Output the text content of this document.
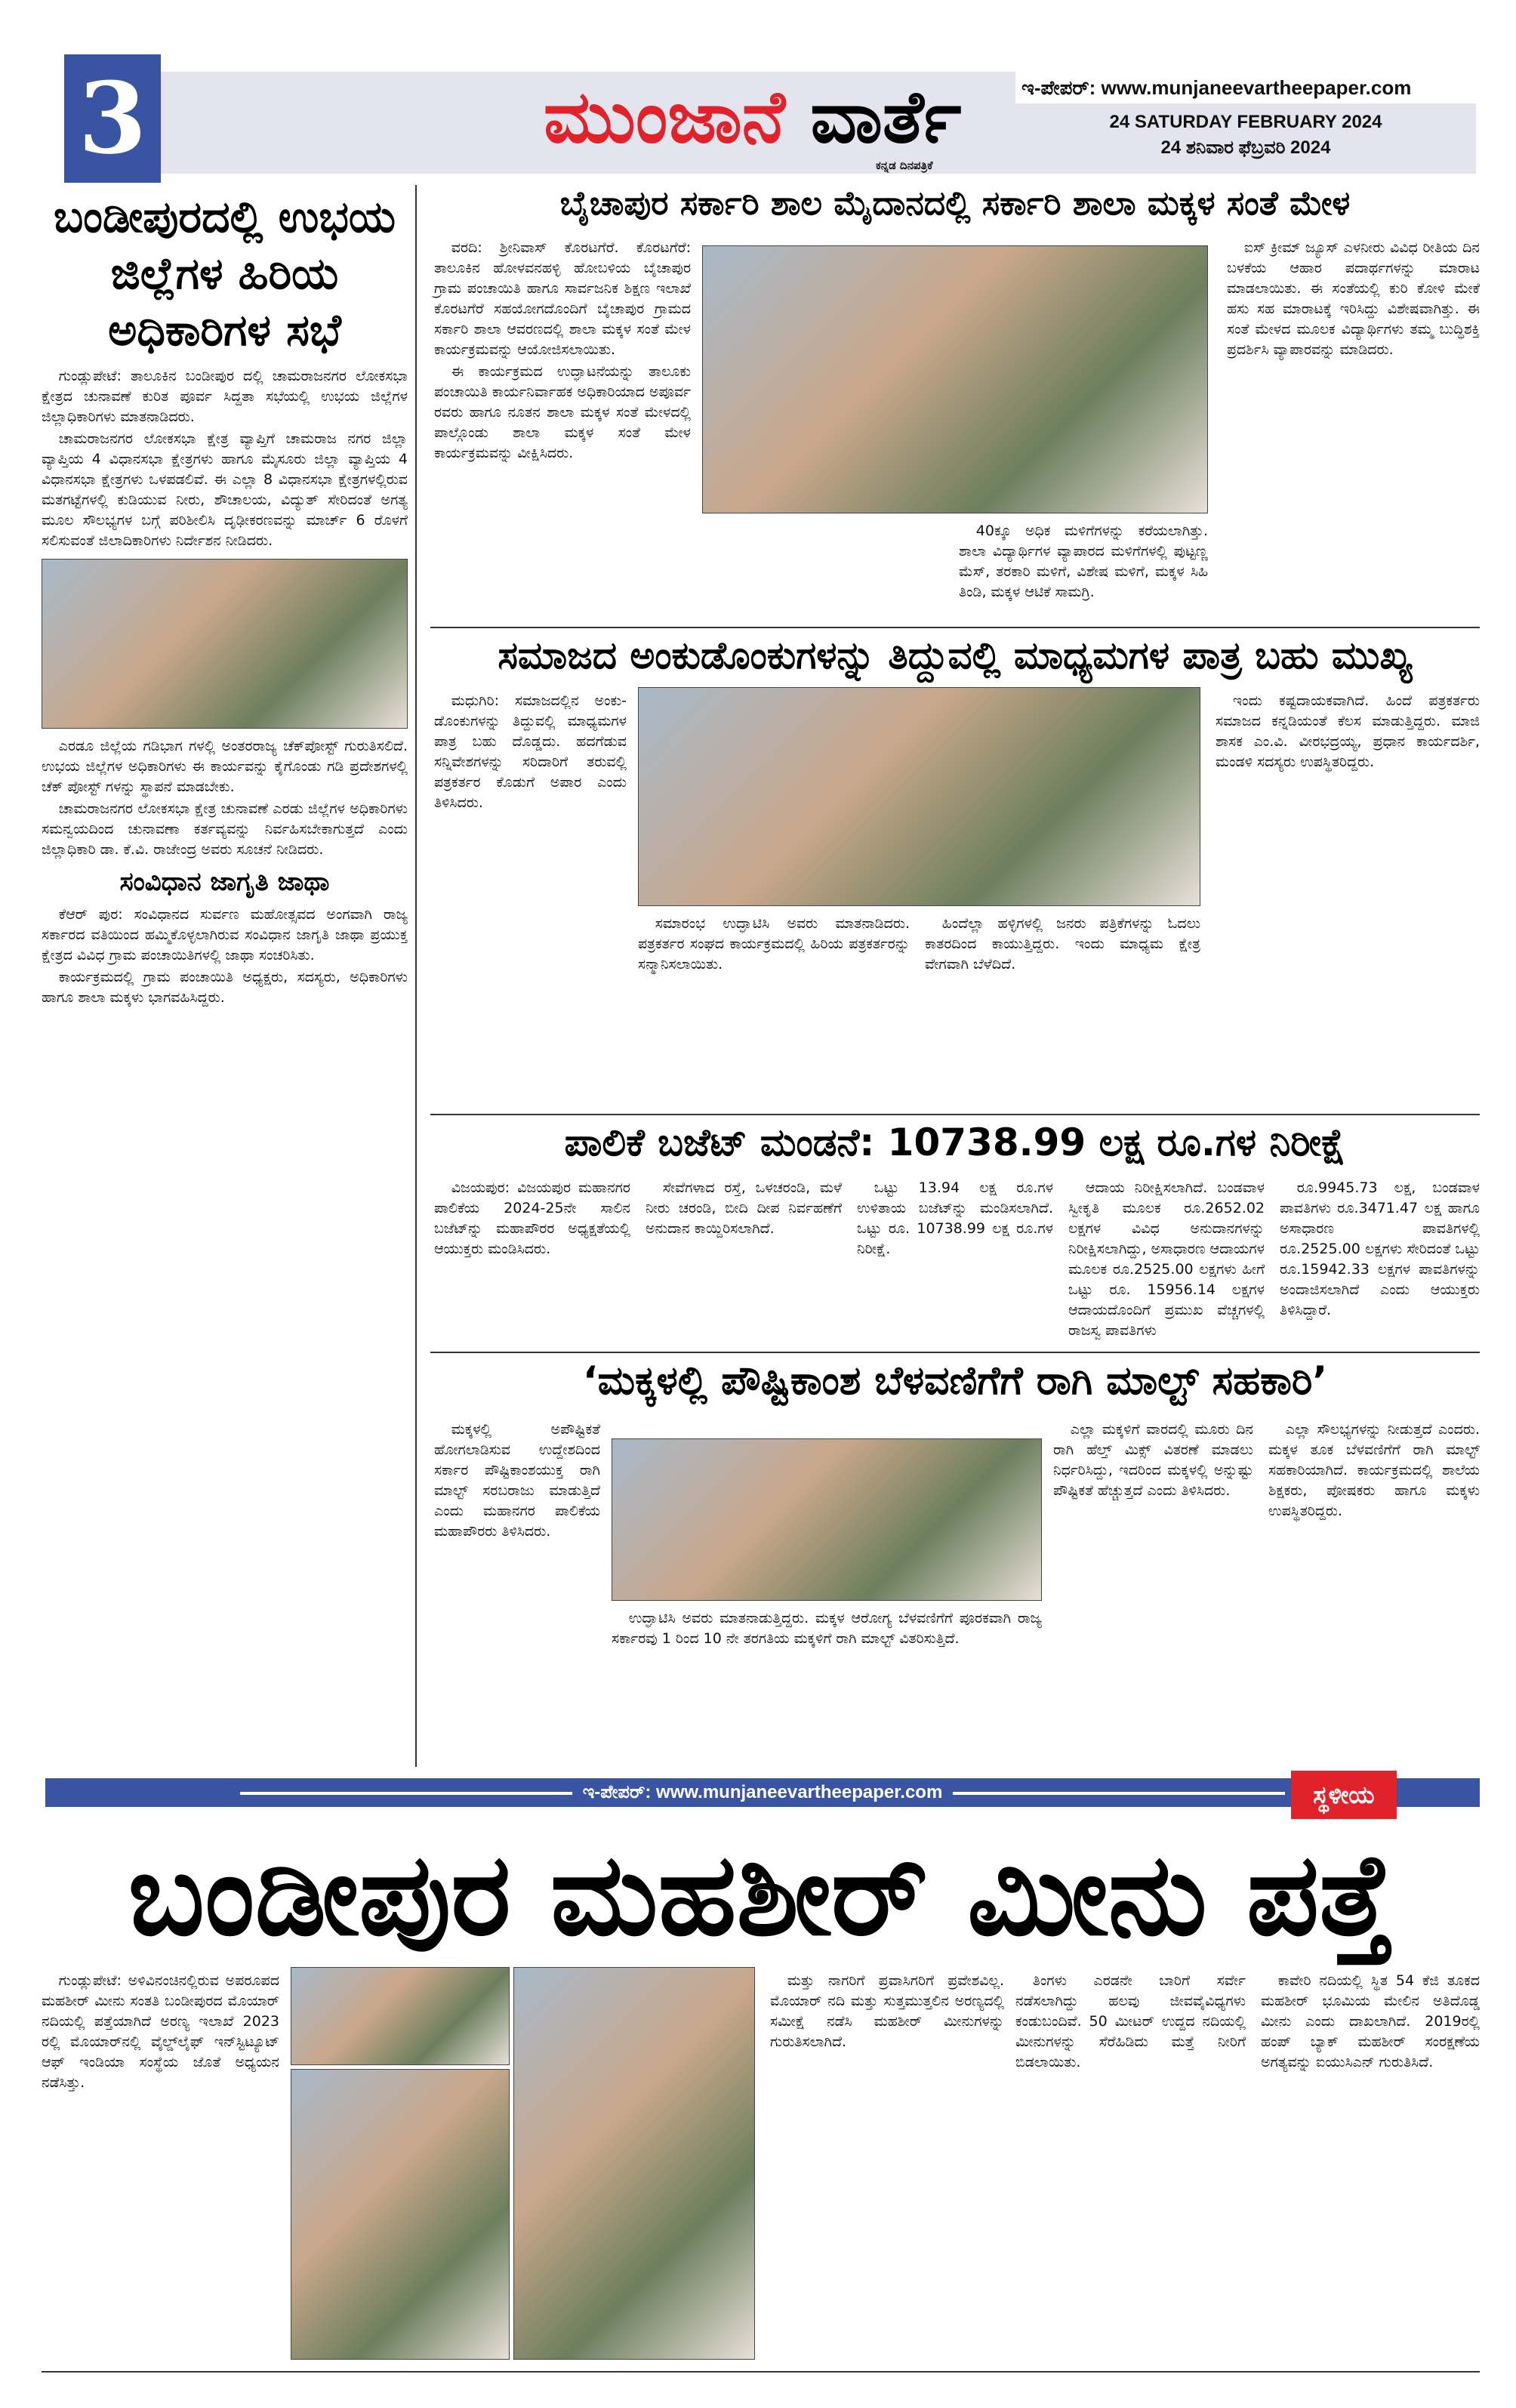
3	ಮುಂಜಾನೆ ವಾರ್ತೆ
ಕನ್ನಡ ದಿನಪತ್ರಿಕೆ
ಇ-ಪೇಪರ್: www.munjaneevartheepaper.com
24 SATURDAY FEBRUARY 2024
24 ಶನಿವಾರ ಫೆಬ್ರವರಿ 2024
ಬಂಡೀಪುರದಲ್ಲಿ ಉಭಯ ಜಿಲ್ಲೆಗಳ ಹಿರಿಯ ಅಧಿಕಾರಿಗಳ ಸಭೆ

ಗುಂಡ್ಲುಪೇಟೆ: ತಾಲೂಕಿನ ಬಂಡೀಪುರ ದಲ್ಲಿ ಚಾಮರಾಜನಗರ ಲೋಕಸಭಾ ಕ್ಷೇತ್ರದ ಚುನಾವಣೆ ಕುರಿತ ಪೂರ್ವ ಸಿದ್ದತಾ ಸಭೆಯಲ್ಲಿ ಉಭಯ ಜಿಲ್ಲೆಗಳ ಜಿಲ್ಲಾಧಿಕಾರಿಗಳು ಮಾತನಾಡಿದರು.

ಚಾಮರಾಜನಗರ ಲೋಕಸಭಾ ಕ್ಷೇತ್ರ ವ್ಯಾಪ್ತಿಗೆ ಚಾಮರಾಜ ನಗರ ಜಿಲ್ಲಾ ವ್ಯಾಪ್ತಿಯ 4 ವಿಧಾನಸಭಾ ಕ್ಷೇತ್ರಗಳು ಹಾಗೂ ಮೈಸೂರು ಜಿಲ್ಲಾ ವ್ಯಾಪ್ತಿಯ 4 ವಿಧಾನಸಭಾ ಕ್ಷೇತ್ರಗಳು ಒಳಪಡಲಿವೆ. ಈ ಎಲ್ಲಾ 8 ವಿಧಾನಸಭಾ ಕ್ಷೇತ್ರಗಳಲ್ಲಿರುವ ಮತಗಟ್ಟೆಗಳಲ್ಲಿ ಕುಡಿಯುವ ನೀರು, ಶೌಚಾಲಯ, ವಿದ್ಯುತ್ ಸೇರಿದಂತೆ ಅಗತ್ಯ ಮೂಲ ಸೌಲಭ್ಯಗಳ ಬಗ್ಗೆ ಪರಿಶೀಲಿಸಿ ದೃಢೀಕರಣವನ್ನು ಮಾರ್ಚ್ 6 ರೊಳಗೆ ಸಲಿಸುವಂತೆ ಜಿಲಾದಿಕಾರಿಗಳು ನಿರ್ದೇಶನ ನೀಡಿದರು.

ಎರಡೂ ಜಿಲ್ಲೆಯ ಗಡಿಭಾಗ ಗಳಲ್ಲಿ ಅಂತರರಾಜ್ಯ ಚೆಕ್‌ಪೋಸ್ಟ್ ಗುರುತಿಸಲಿದೆ. ಉಭಯ ಜಿಲ್ಲೆಗಳ ಅಧಿಕಾರಿಗಳು ಈ ಕಾರ್ಯವನ್ನು ಕೈಗೊಂಡು ಗಡಿ ಪ್ರದೇಶಗಳಲ್ಲಿ ಚೆಕ್ ಪೋಸ್ಟ್ ಗಳನ್ನು ಸ್ಥಾಪನೆ ಮಾಡಬೇಕು.

ಚಾಮರಾಜನಗರ ಲೋಕಸಭಾ ಕ್ಷೇತ್ರ ಚುನಾವಣೆ ಎರಡು ಜಿಲ್ಲೆಗಳ ಅಧಿಕಾರಿಗಳು ಸಮನ್ವಯದಿಂದ ಚುನಾವಣಾ ಕರ್ತವ್ಯವನ್ನು ನಿರ್ವಹಿಸಬೇಕಾಗುತ್ತದೆ ಎಂದು ಜಿಲ್ಲಾಧಿಕಾರಿ ಡಾ. ಕೆ.ವಿ. ರಾಜೇಂದ್ರ ಅವರು ಸೂಚನೆ ನೀಡಿದರು.

ಸಂವಿಧಾನ ಜಾಗೃತಿ ಜಾಥಾ

ಕೆಆರ್ ಪುರ: ಸಂವಿಧಾನದ ಸುರ್ವಣ ಮಹೋತ್ಸವದ ಅಂಗವಾಗಿ ರಾಜ್ಯ ಸರ್ಕಾರದ ವತಿಯಿಂದ ಹಮ್ಮಿಕೊಳ್ಳಲಾಗಿರುವ ಸಂವಿಧಾನ ಜಾಗೃತಿ ಜಾಥಾ ಪ್ರಯುಕ್ತ ಕ್ಷೇತ್ರದ ವಿವಿಧ ಗ್ರಾಮ ಪಂಚಾಯಿತಿಗಳಲ್ಲಿ ಜಾಥಾ ಸಂಚರಿಸಿತು.

ಕಾರ್ಯಕ್ರಮದಲ್ಲಿ ಗ್ರಾಮ ಪಂಚಾಯಿತಿ ಅಧ್ಯಕ್ಷರು, ಸದಸ್ಯರು, ಅಧಿಕಾರಿಗಳು ಹಾಗೂ ಶಾಲಾ ಮಕ್ಕಳು ಭಾಗವಹಿಸಿದ್ದರು.

ಬೈಚಾಪುರ ಸರ್ಕಾರಿ ಶಾಲ ಮೈದಾನದಲ್ಲಿ ಸರ್ಕಾರಿ ಶಾಲಾ ಮಕ್ಕಳ ಸಂತೆ ಮೇಳ

ವರದಿ: ಶ್ರೀನಿವಾಸ್ ಕೊರಟಗೆರೆ. ಕೊರಟಗೆರೆ: ತಾಲೂಕಿನ ಹೋಳವನಹಳ್ಳಿ ಹೋಬಳಿಯ ಬೈಚಾಪುರ ಗ್ರಾಮ ಪಂಚಾಯಿತಿ ಹಾಗೂ ಸಾರ್ವಜನಿಕ ಶಿಕ್ಷಣ ಇಲಾಖೆ ಕೊರಟಗೆರೆ ಸಹಯೋಗದೊಂದಿಗೆ ಬೈಚಾಪುರ ಗ್ರಾಮದ ಸರ್ಕಾರಿ ಶಾಲಾ ಆವರಣದಲ್ಲಿ ಶಾಲಾ ಮಕ್ಕಳ ಸಂತೆ ಮೇಳ ಕಾರ್ಯಕ್ರಮವನ್ನು ಆಯೋಜಿಸಲಾಯಿತು.

ಈ ಕಾರ್ಯಕ್ರಮದ ಉದ್ಘಾಟನೆಯನ್ನು ತಾಲೂಕು ಪಂಚಾಯಿತಿ ಕಾರ್ಯನಿರ್ವಾಹಕ ಅಧಿಕಾರಿಯಾದ ಅಪೂರ್ವ ರವರು ಹಾಗೂ ನೂತನ ಶಾಲಾ ಮಕ್ಕಳ ಸಂತೆ ಮೇಳದಲ್ಲಿ ಪಾಲ್ಗೊಂಡು ಶಾಲಾ ಮಕ್ಕಳ ಸಂತೆ ಮೇಳ ಕಾರ್ಯಕ್ರಮವನ್ನು ವೀಕ್ಷಿಸಿದರು.

40ಕ್ಕೂ ಅಧಿಕ ಮಳಿಗೆಗಳನ್ನು ಕರೆಯಲಾಗಿತ್ತು. ಶಾಲಾ ವಿದ್ಯಾರ್ಥಿಗಳ ವ್ಯಾಪಾರದ ಮಳಿಗೆಗಳಲ್ಲಿ ಪುಟ್ಟಣ್ಣ ಮೆಸ್, ತರಕಾರಿ ಮಳಿಗೆ, ವಿಶೇಷ ಮಳಿಗೆ, ಮಕ್ಕಳ ಸಿಹಿ ತಿಂಡಿ, ಮಕ್ಕಳ ಆಟಿಕೆ ಸಾಮಗ್ರಿ.

ಐಸ್ ಕ್ರೀಮ್ ಜ್ಯೂಸ್ ಎಳನೀರು ವಿವಿಧ ರೀತಿಯ ದಿನ ಬಳಕೆಯ ಆಹಾರ ಪದಾರ್ಥಗಳನ್ನು ಮಾರಾಟ ಮಾಡಲಾಯಿತು. ಈ ಸಂತೆಯಲ್ಲಿ ಕುರಿ ಕೋಳಿ ಮೇಕೆ ಹಸು ಸಹ ಮಾರಾಟಕ್ಕೆ ಇರಿಸಿದ್ದು ವಿಶೇಷವಾಗಿತ್ತು. ಈ ಸಂತೆ ಮೇಳದ ಮೂಲಕ ವಿದ್ಯಾರ್ಥಿಗಳು ತಮ್ಮ ಬುದ್ಧಿಶಕ್ತಿ ಪ್ರದರ್ಶಿಸಿ ವ್ಯಾಪಾರವನ್ನು ಮಾಡಿದರು.

ಸಮಾಜದ ಅಂಕುಡೊಂಕುಗಳನ್ನು ತಿದ್ದುವಲ್ಲಿ ಮಾಧ್ಯಮಗಳ ಪಾತ್ರ ಬಹು ಮುಖ್ಯ

ಮಧುಗಿರಿ: ಸಮಾಜದಲ್ಲಿನ ಅಂಕು-ಡೊಂಕುಗಳನ್ನು ತಿದ್ದುವಲ್ಲಿ ಮಾಧ್ಯಮಗಳ ಪಾತ್ರ ಬಹು ದೊಡ್ಡದು. ಹದಗೆಡುವ ಸನ್ನಿವೇಶಗಳನ್ನು ಸರಿದಾರಿಗೆ ತರುವಲ್ಲಿ ಪತ್ರಕರ್ತರ ಕೊಡುಗೆ ಅಪಾರ ಎಂದು ತಿಳಿಸಿದರು.

ಸಮಾರಂಭ ಉದ್ಘಾಟಿಸಿ ಅವರು ಮಾತನಾಡಿದರು. ಪತ್ರಕರ್ತರ ಸಂಘದ ಕಾರ್ಯಕ್ರಮದಲ್ಲಿ ಹಿರಿಯ ಪತ್ರಕರ್ತರನ್ನು ಸನ್ಮಾನಿಸಲಾಯಿತು.

ಹಿಂದೆಲ್ಲಾ ಹಳ್ಳಿಗಳಲ್ಲಿ ಜನರು ಪತ್ರಿಕೆಗಳನ್ನು ಓದಲು ಕಾತರದಿಂದ ಕಾಯುತ್ತಿದ್ದರು. ಇಂದು ಮಾಧ್ಯಮ ಕ್ಷೇತ್ರ ವೇಗವಾಗಿ ಬೆಳೆದಿದೆ.

ಇಂದು ಕಷ್ಟದಾಯಕವಾಗಿದೆ. ಹಿಂದೆ ಪತ್ರಕರ್ತರು ಸಮಾಜದ ಕನ್ನಡಿಯಂತೆ ಕೆಲಸ ಮಾಡುತ್ತಿದ್ದರು. ಮಾಜಿ ಶಾಸಕ ಎಂ.ವಿ. ವೀರಭದ್ರಯ್ಯ, ಪ್ರಧಾನ ಕಾರ್ಯದರ್ಶಿ, ಮಂಡಳಿ ಸದಸ್ಯರು ಉಪಸ್ಥಿತರಿದ್ದರು.

ಪಾಲಿಕೆ ಬಜೆಟ್ ಮಂಡನೆ: 10738.99 ಲಕ್ಷ ರೂ.ಗಳ ನಿರೀಕ್ಷೆ

ವಿಜಯಪುರ: ವಿಜಯಪುರ ಮಹಾನಗರ ಪಾಲಿಕೆಯ 2024-25ನೇ ಸಾಲಿನ ಬಜೆಟ್‌ನ್ನು ಮಹಾಪೌರರ ಅಧ್ಯಕ್ಷತೆಯಲ್ಲಿ ಆಯುಕ್ತರು ಮಂಡಿಸಿದರು.

ಸೇವೆಗಳಾದ ರಸ್ತೆ, ಒಳಚರಂಡಿ, ಮಳೆ ನೀರು ಚರಂಡಿ, ಬೀದಿ ದೀಪ ನಿರ್ವಹಣೆಗೆ ಅನುದಾನ ಕಾಯ್ದಿರಿಸಲಾಗಿದೆ.

ಒಟ್ಟು 13.94 ಲಕ್ಷ ರೂ.ಗಳ ಉಳಿತಾಯ ಬಜೆಟ್‌ನ್ನು ಮಂಡಿಸಲಾಗಿದೆ. ಒಟ್ಟು ರೂ. 10738.99 ಲಕ್ಷ ರೂ.ಗಳ ನಿರೀಕ್ಷೆ.

ಆದಾಯ ನಿರೀಕ್ಷಿಸಲಾಗಿದೆ. ಬಂಡವಾಳ ಸ್ವೀಕೃತಿ ಮೂಲಕ ರೂ.2652.02 ಲಕ್ಷಗಳ ವಿವಿಧ ಅನುದಾನಗಳನ್ನು ನಿರೀಕ್ಷಿಸಲಾಗಿದ್ದು, ಅಸಾಧಾರಣ ಆದಾಯಗಳ ಮೂಲಕ ರೂ.2525.00 ಲಕ್ಷಗಳು ಹೀಗೆ ಒಟ್ಟು ರೂ. 15956.14 ಲಕ್ಷಗಳ ಆದಾಯದೊಂದಿಗೆ ಪ್ರಮುಖ ವೆಚ್ಚಗಳಲ್ಲಿ ರಾಜಸ್ವ ಪಾವತಿಗಳು

ರೂ.9945.73 ಲಕ್ಷ, ಬಂಡವಾಳ ಪಾವತಿಗಳು ರೂ.3471.47 ಲಕ್ಷ ಹಾಗೂ ಅಸಾಧಾರಣ ಪಾವತಿಗಳಲ್ಲಿ ರೂ.2525.00 ಲಕ್ಷಗಳು ಸೇರಿದಂತೆ ಒಟ್ಟು ರೂ.15942.33 ಲಕ್ಷಗಳ ಪಾವತಿಗಳನ್ನು ಅಂದಾಜಿಸಲಾಗಿದೆ ಎಂದು ಆಯುಕ್ತರು ತಿಳಿಸಿದ್ದಾರೆ.

‘ಮಕ್ಕಳಲ್ಲಿ ಪೌಷ್ಟಿಕಾಂಶ ಬೆಳವಣಿಗೆಗೆ ರಾಗಿ ಮಾಲ್ಟ್ ಸಹಕಾರಿ’

ಮಕ್ಕಳಲ್ಲಿ ಅಪೌಷ್ಟಿಕತೆ ಹೋಗಲಾಡಿಸುವ ಉದ್ದೇಶದಿಂದ ಸರ್ಕಾರ ಪೌಷ್ಟಿಕಾಂಶಯುಕ್ತ ರಾಗಿ ಮಾಲ್ಟ್ ಸರಬರಾಜು ಮಾಡುತ್ತಿದೆ ಎಂದು ಮಹಾನಗರ ಪಾಲಿಕೆಯ ಮಹಾಪೌರರು ತಿಳಿಸಿದರು.

ಉದ್ಘಾಟಿಸಿ ಅವರು ಮಾತನಾಡುತ್ತಿದ್ದರು. ಮಕ್ಕಳ ಆರೋಗ್ಯ ಬೆಳವಣಿಗೆಗೆ ಪೂರಕವಾಗಿ ರಾಜ್ಯ ಸರ್ಕಾರವು 1 ರಿಂದ 10 ನೇ ತರಗತಿಯ ಮಕ್ಕಳಿಗೆ ರಾಗಿ ಮಾಲ್ಟ್ ವಿತರಿಸುತ್ತಿದೆ.

ಎಲ್ಲಾ ಮಕ್ಕಳಿಗೆ ವಾರದಲ್ಲಿ ಮೂರು ದಿನ ರಾಗಿ ಹೆಲ್ತ್ ಮಿಕ್ಸ್ ವಿತರಣೆ ಮಾಡಲು ನಿರ್ಧರಿಸಿದ್ದು, ಇದರಿಂದ ಮಕ್ಕಳಲ್ಲಿ ಅನ್ನುಷ್ಟು ಪೌಷ್ಟಿಕತೆ ಹೆಚ್ಚುತ್ತದೆ ಎಂದು ತಿಳಿಸಿದರು.

ಎಲ್ಲಾ ಸೌಲಭ್ಯಗಳನ್ನು ನೀಡುತ್ತದೆ ಎಂದರು. ಮಕ್ಕಳ ತೂಕ ಬೆಳವಣಿಗೆಗೆ ರಾಗಿ ಮಾಲ್ಟ್ ಸಹಕಾರಿಯಾಗಿದೆ. ಕಾರ್ಯಕ್ರಮದಲ್ಲಿ ಶಾಲೆಯ ಶಿಕ್ಷಕರು, ಪೋಷಕರು ಹಾಗೂ ಮಕ್ಕಳು ಉಪಸ್ಥಿತರಿದ್ದರು.

ಇ-ಪೇಪರ್: www.munjaneevartheepaper.com	ಸ್ಥಳೀಯ
ಬಂಡೀಪುರ ಮಹಶೀರ್ ಮೀನು ಪತ್ತೆ

ಗುಂಡ್ಲುಪೇಟೆ: ಅಳಿವಿನಂಚಿನಲ್ಲಿರುವ ಅಪರೂಪದ ಮಹಶೀರ್ ಮೀನು ಸಂತತಿ ಬಂಡೀಪುರದ ಮೊಯಾರ್ ನದಿಯಲ್ಲಿ ಪತ್ತೆಯಾಗಿದೆ ಅರಣ್ಯ ಇಲಾಖೆ 2023 ರಲ್ಲಿ ಮೊಯಾರ್‌ನಲ್ಲಿ ವೈಲ್ಡ್‌ಲೈಫ್ ಇನ್‌ಸ್ಟಿಟ್ಯೂಟ್ ಆಫ್ ಇಂಡಿಯಾ ಸಂಸ್ಥೆಯ ಜೊತೆ ಅಧ್ಯಯನ ನಡೆಸಿತ್ತು.

ಮತ್ತು ನಾಗರಿಗೆ ಪ್ರವಾಸಿಗರಿಗೆ ಪ್ರವೇಶವಿಲ್ಲ. ಮೊಯಾರ್ ನದಿ ಮತ್ತು ಸುತ್ತಮುತ್ತಲಿನ ಅರಣ್ಯದಲ್ಲಿ ಸಮೀಕ್ಷೆ ನಡೆಸಿ ಮಹಶೀರ್ ಮೀನುಗಳನ್ನು ಗುರುತಿಸಲಾಗಿದೆ.

ತಿಂಗಳು ಎರಡನೇ ಬಾರಿಗೆ ಸರ್ವೇ ನಡೆಸಲಾಗಿದ್ದು ಹಲವು ಜೀವವೈವಿಧ್ಯಗಳು ಕಂಡುಬಂದಿವೆ. 50 ಮೀಟರ್ ಉದ್ದದ ನದಿಯಲ್ಲಿ ಮೀನುಗಳನ್ನು ಸೆರೆಹಿಡಿದು ಮತ್ತೆ ನೀರಿಗೆ ಬಿಡಲಾಯಿತು.

ಕಾವೇರಿ ನದಿಯಲ್ಲಿ ಸ್ಥಿತ 54 ಕೆಜಿ ತೂಕದ ಮಹಶೀರ್ ಭೂಮಿಯ ಮೇಲಿನ ಅತಿದೊಡ್ಡ ಮೀನು ಎಂದು ದಾಖಲಾಗಿದೆ. 2019ರಲ್ಲಿ ಹಂಪ್ ಬ್ಯಾಕ್ ಮಹಶೀರ್ ಸಂರಕ್ಷಣೆಯ ಅಗತ್ಯವನ್ನು ಐಯುಸಿಎನ್ ಗುರುತಿಸಿದೆ.
